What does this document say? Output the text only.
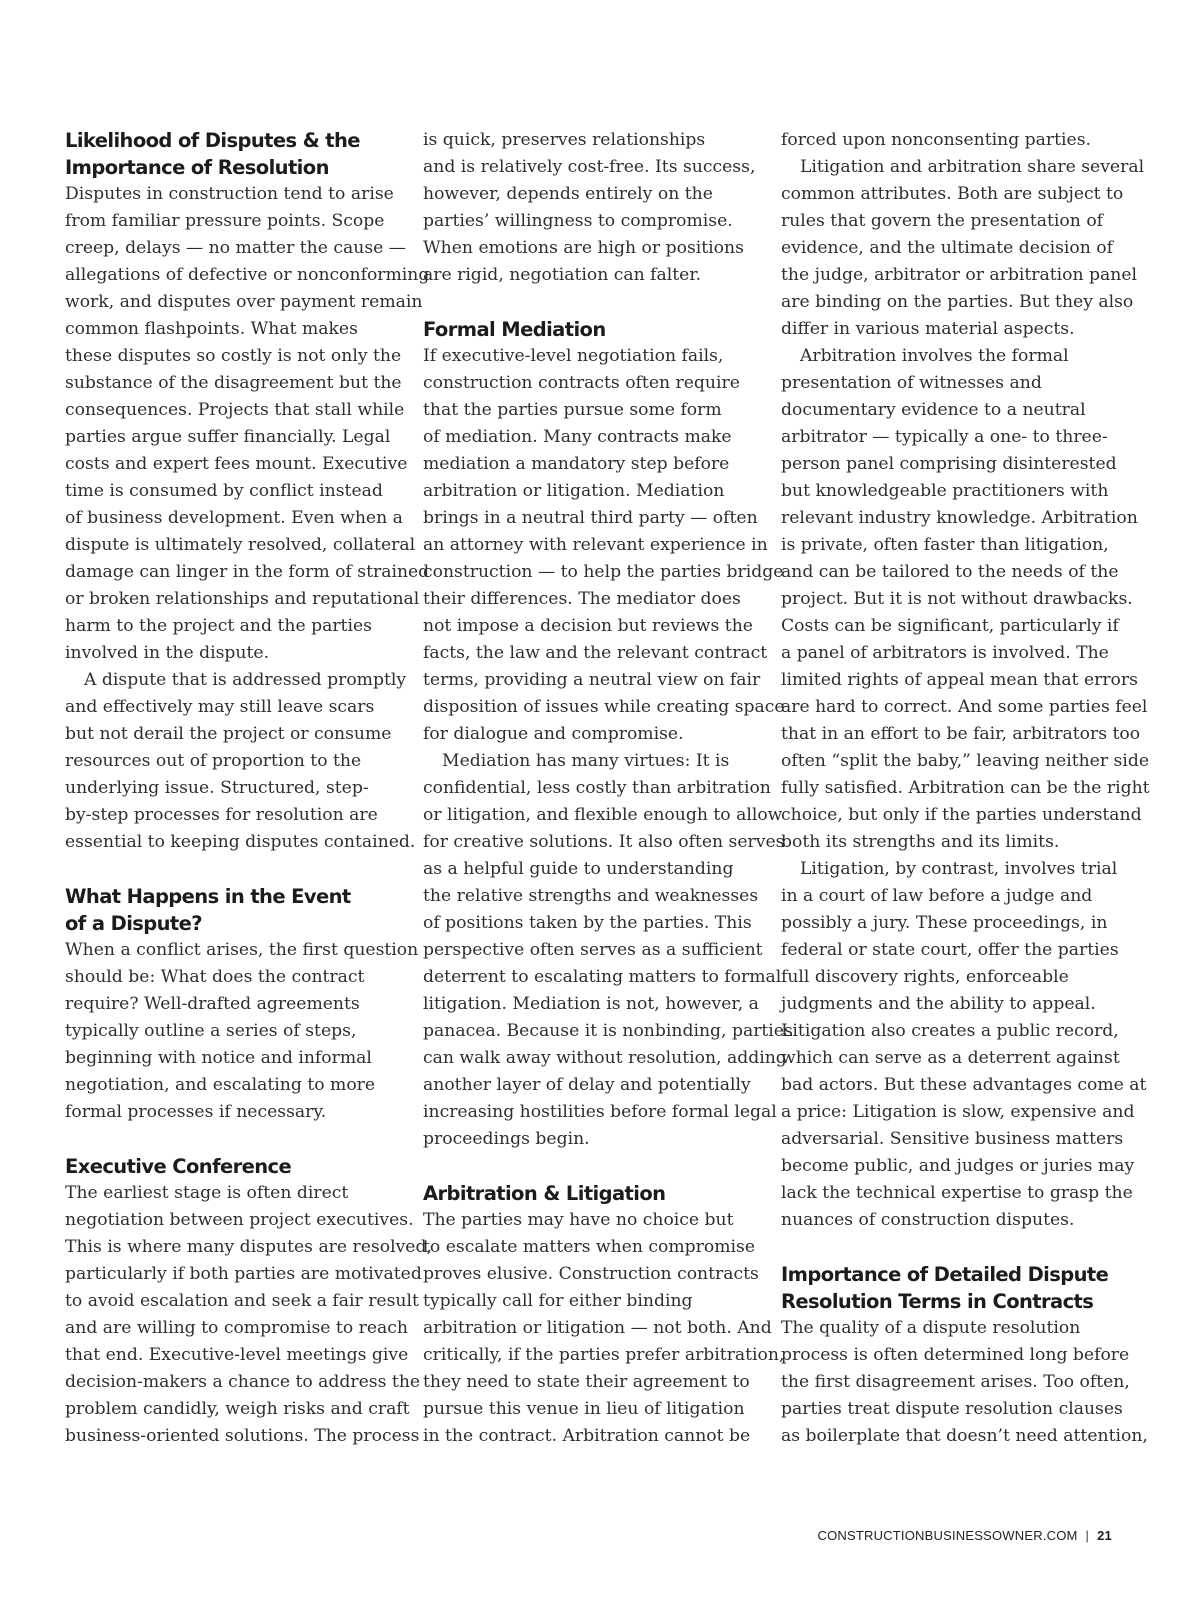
Likelihood of Disputes & the
Importance of Resolution
Disputes in construction tend to arise
from familiar pressure points. Scope
creep, delays — no matter the cause —
allegations of defective or nonconforming
work, and disputes over payment remain
common flashpoints. What makes
these disputes so costly is not only the
substance of the disagreement but the
consequences. Projects that stall while
parties argue suffer financially. Legal
costs and expert fees mount. Executive
time is consumed by conflict instead
of business development. Even when a
dispute is ultimately resolved, collateral
damage can linger in the form of strained
or broken relationships and reputational
harm to the project and the parties
involved in the dispute.
A dispute that is addressed promptly
and effectively may still leave scars
but not derail the project or consume
resources out of proportion to the
underlying issue. Structured, step-
by-step processes for resolution are
essential to keeping disputes contained.
What Happens in the Event
of a Dispute?
When a conflict arises, the first question
should be: What does the contract
require? Well-drafted agreements
typically outline a series of steps,
beginning with notice and informal
negotiation, and escalating to more
formal processes if necessary.
Executive Conference
The earliest stage is often direct
negotiation between project executives.
This is where many disputes are resolved,
particularly if both parties are motivated
to avoid escalation and seek a fair result
and are willing to compromise to reach
that end. Executive-level meetings give
decision-makers a chance to address the
problem candidly, weigh risks and craft
business-oriented solutions. The process
is quick, preserves relationships
and is relatively cost-free. Its success,
however, depends entirely on the
parties’ willingness to compromise.
When emotions are high or positions
are rigid, negotiation can falter.
Formal Mediation
If executive-level negotiation fails,
construction contracts often require
that the parties pursue some form
of mediation. Many contracts make
mediation a mandatory step before
arbitration or litigation. Mediation
brings in a neutral third party — often
an attorney with relevant experience in
construction — to help the parties bridge
their differences. The mediator does
not impose a decision but reviews the
facts, the law and the relevant contract
terms, providing a neutral view on fair
disposition of issues while creating space
for dialogue and compromise.
Mediation has many virtues: It is
confidential, less costly than arbitration
or litigation, and flexible enough to allow
for creative solutions. It also often serves
as a helpful guide to understanding
the relative strengths and weaknesses
of positions taken by the parties. This
perspective often serves as a sufficient
deterrent to escalating matters to formal
litigation. Mediation is not, however, a
panacea. Because it is nonbinding, parties
can walk away without resolution, adding
another layer of delay and potentially
increasing hostilities before formal legal
proceedings begin.
Arbitration & Litigation
The parties may have no choice but
to escalate matters when compromise
proves elusive. Construction contracts
typically call for either binding
arbitration or litigation — not both. And
critically, if the parties prefer arbitration,
they need to state their agreement to
pursue this venue in lieu of litigation
in the contract. Arbitration cannot be
forced upon nonconsenting parties.
Litigation and arbitration share several
common attributes. Both are subject to
rules that govern the presentation of
evidence, and the ultimate decision of
the judge, arbitrator or arbitration panel
are binding on the parties. But they also
differ in various material aspects.
Arbitration involves the formal
presentation of witnesses and
documentary evidence to a neutral
arbitrator — typically a one- to three-
person panel comprising disinterested
but knowledgeable practitioners with
relevant industry knowledge. Arbitration
is private, often faster than litigation,
and can be tailored to the needs of the
project. But it is not without drawbacks.
Costs can be significant, particularly if
a panel of arbitrators is involved. The
limited rights of appeal mean that errors
are hard to correct. And some parties feel
that in an effort to be fair, arbitrators too
often “split the baby,” leaving neither side
fully satisfied. Arbitration can be the right
choice, but only if the parties understand
both its strengths and its limits.
Litigation, by contrast, involves trial
in a court of law before a judge and
possibly a jury. These proceedings, in
federal or state court, offer the parties
full discovery rights, enforceable
judgments and the ability to appeal.
Litigation also creates a public record,
which can serve as a deterrent against
bad actors. But these advantages come at
a price: Litigation is slow, expensive and
adversarial. Sensitive business matters
become public, and judges or juries may
lack the technical expertise to grasp the
nuances of construction disputes.
Importance of Detailed Dispute
Resolution Terms in Contracts
The quality of a dispute resolution
process is often determined long before
the first disagreement arises. Too often,
parties treat dispute resolution clauses
as boilerplate that doesn’t need attention,
CONSTRUCTIONBUSINESSOWNER.COM | 21
